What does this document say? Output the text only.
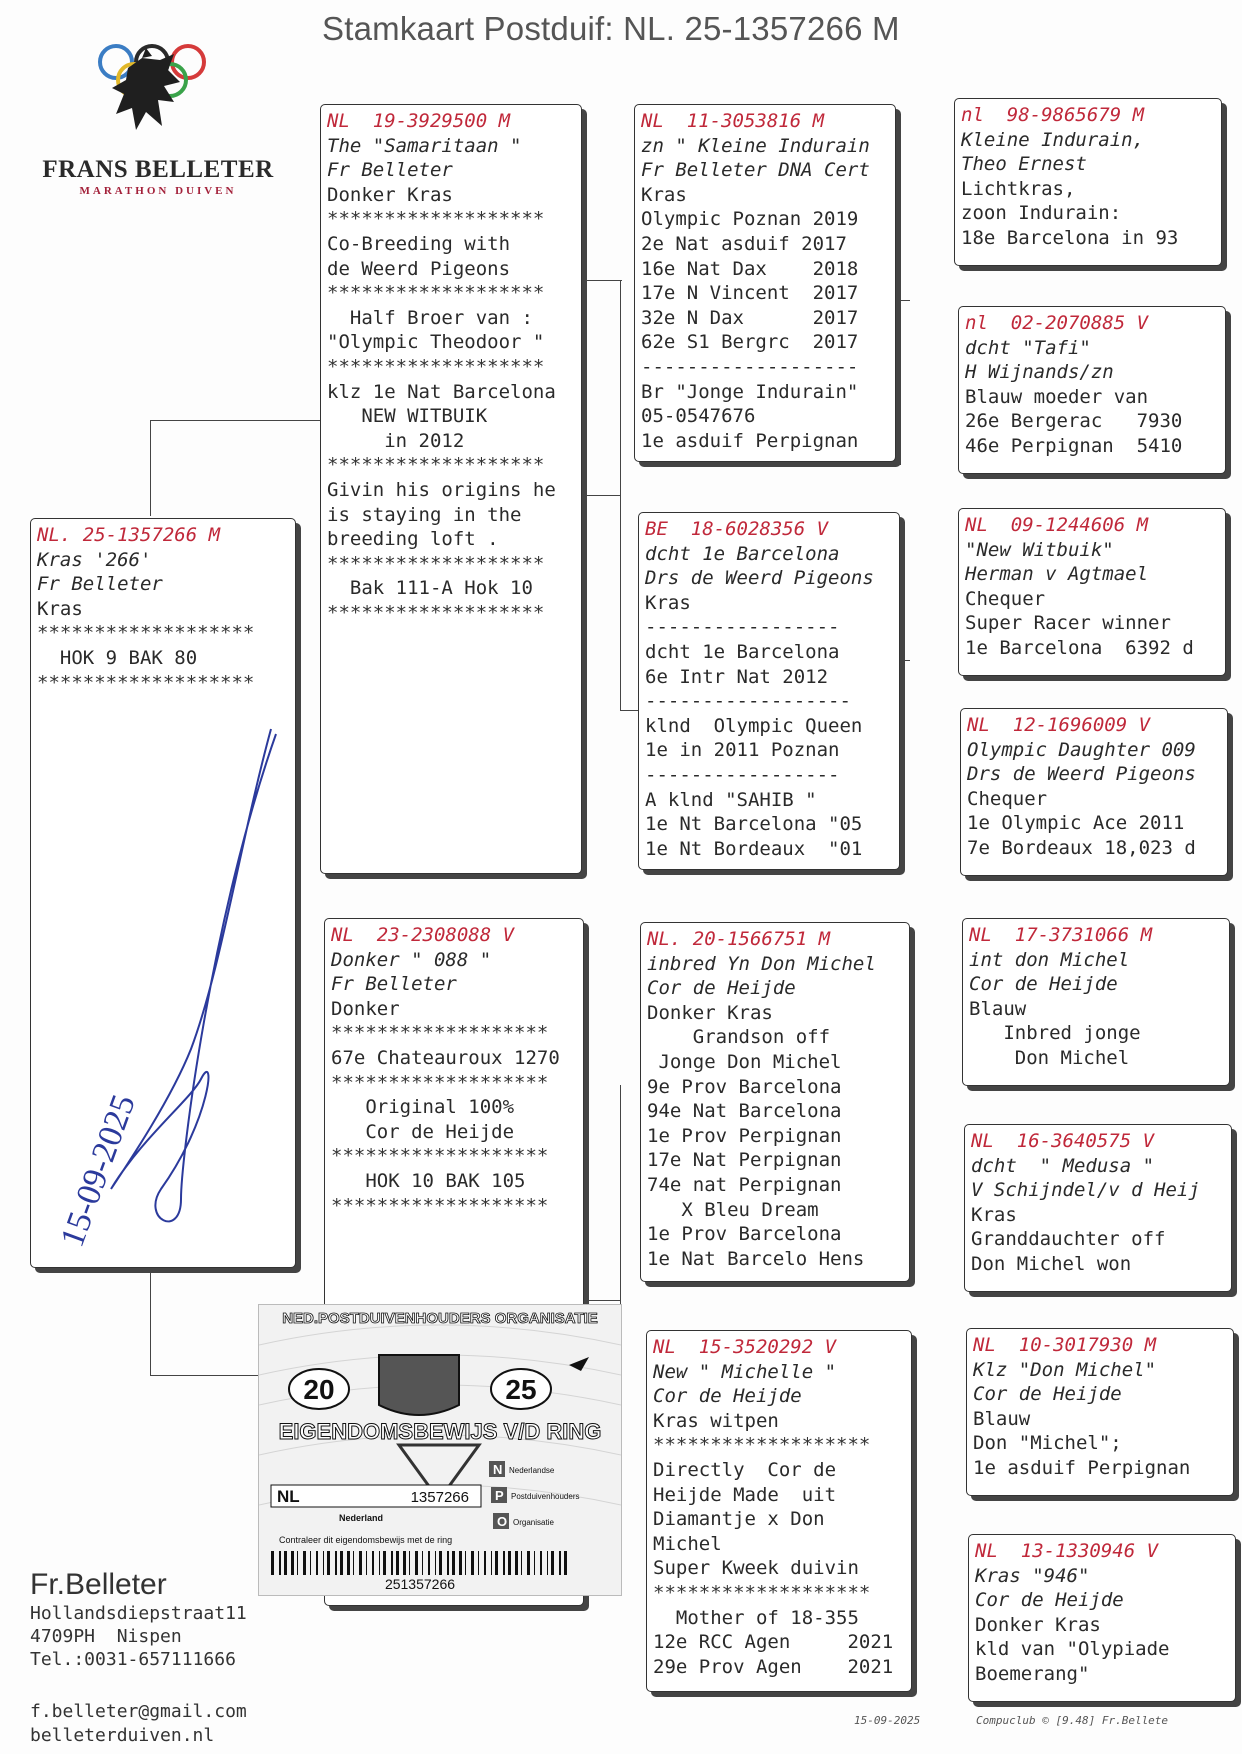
Stamkaart Postduif: NL. 25-1357266 M
FRANS BELLETER
MARATHON DUIVEN
NL. 25-1357266 M
Kras '266'
Fr Belleter
Kras
*******************
HOK 9 BAK 80
*******************
15-09-2025
NL  19-3929500 M
The "Samaritaan "
Fr Belleter
Donker Kras
*******************
Co-Breeding with
de Weerd Pigeons
*******************
Half Broer van :
"Olympic Theodoor "
*******************
klz 1e Nat Barcelona
NEW WITBUIK
in 2012
*******************
Givin his origins he
is staying in the
breeding loft .
*******************
Bak 111-A Hok 10
*******************
NL  23-2308088 V
Donker " 088 "
Fr Belleter
Donker
*******************
67e Chateauroux 1270
*******************
Original 100%
Cor de Heijde
*******************
HOK 10 BAK 105
*******************
NL  11-3053816 M
zn " Kleine Indurain
Fr Belleter DNA Cert
Kras
Olympic Poznan 2019
2e Nat asduif 2017
16e Nat Dax    2018
17e N Vincent  2017
32e N Dax      2017
62e S1 Bergrc  2017
-------------------
Br "Jonge Indurain"
05-0547676
1e asduif Perpignan
BE  18-6028356 V
dcht 1e Barcelona
Drs de Weerd Pigeons
Kras
-----------------
dcht 1e Barcelona
6e Intr Nat 2012
------------------
klnd  Olympic Queen
1e in 2011 Poznan
-----------------
A klnd "SAHIB "
1e Nt Barcelona "05
1e Nt Bordeaux  "01
NL. 20-1566751 M
inbred Yn Don Michel
Cor de Heijde
Donker Kras
Grandson off
Jonge Don Michel
9e Prov Barcelona
94e Nat Barcelona
1e Prov Perpignan
17e Nat Perpignan
74e nat Perpignan
X Bleu Dream
1e Prov Barcelona
1e Nat Barcelo Hens
NL  15-3520292 V
New " Michelle "
Cor de Heijde
Kras witpen
*******************
Directly  Cor de
Heijde Made  uit
Diamantje x Don
Michel
Super Kweek duivin
*******************
Mother of 18-355
12e RCC Agen     2021
29e Prov Agen    2021
nl  98-9865679 M
Kleine Indurain,
Theo Ernest
Lichtkras,
zoon Indurain:
18e Barcelona in 93
nl  02-2070885 V
dcht "Tafi"
H Wijnands/zn
Blauw moeder van
26e Bergerac   7930
46e Perpignan  5410
NL  09-1244606 M
"New Witbuik"
Herman v Agtmael
Chequer
Super Racer winner
1e Barcelona  6392 d
NL  12-1696009 V
Olympic Daughter 009
Drs de Weerd Pigeons
Chequer
1e Olympic Ace 2011
7e Bordeaux 18,023 d
NL  17-3731066 M
int don Michel
Cor de Heijde
Blauw
Inbred jonge
Don Michel
NL  16-3640575 V
dcht  " Medusa "
V Schijndel/v d Heij
Kras
Granddauchter off
Don Michel won
NL  10-3017930 M
Klz "Don Michel"
Cor de Heijde
Blauw
Don "Michel";
1e asduif Perpignan
NL  13-1330946 V
Kras "946"
Cor de Heijde
Donker Kras
kld van "Olypiade
Boemerang"
NED.POSTDUIVENHOUDERS ORGANISATIE
20	25
EIGENDOMSBEWIJS V/D RING
NL	1357266
N Nederlandse
P Postduivenhouders
O Organisatie
Nederland
Contraleer dit eigendomsbewijs met de ring
251357266
Fr.Belleter
Hollandsdiepstraat11
4709PH  Nispen
Tel.:0031-657111666
f.belleter@gmail.com
belleterduiven.nl
15-09-2025	Compuclub © [9.48] Fr.Bellete
